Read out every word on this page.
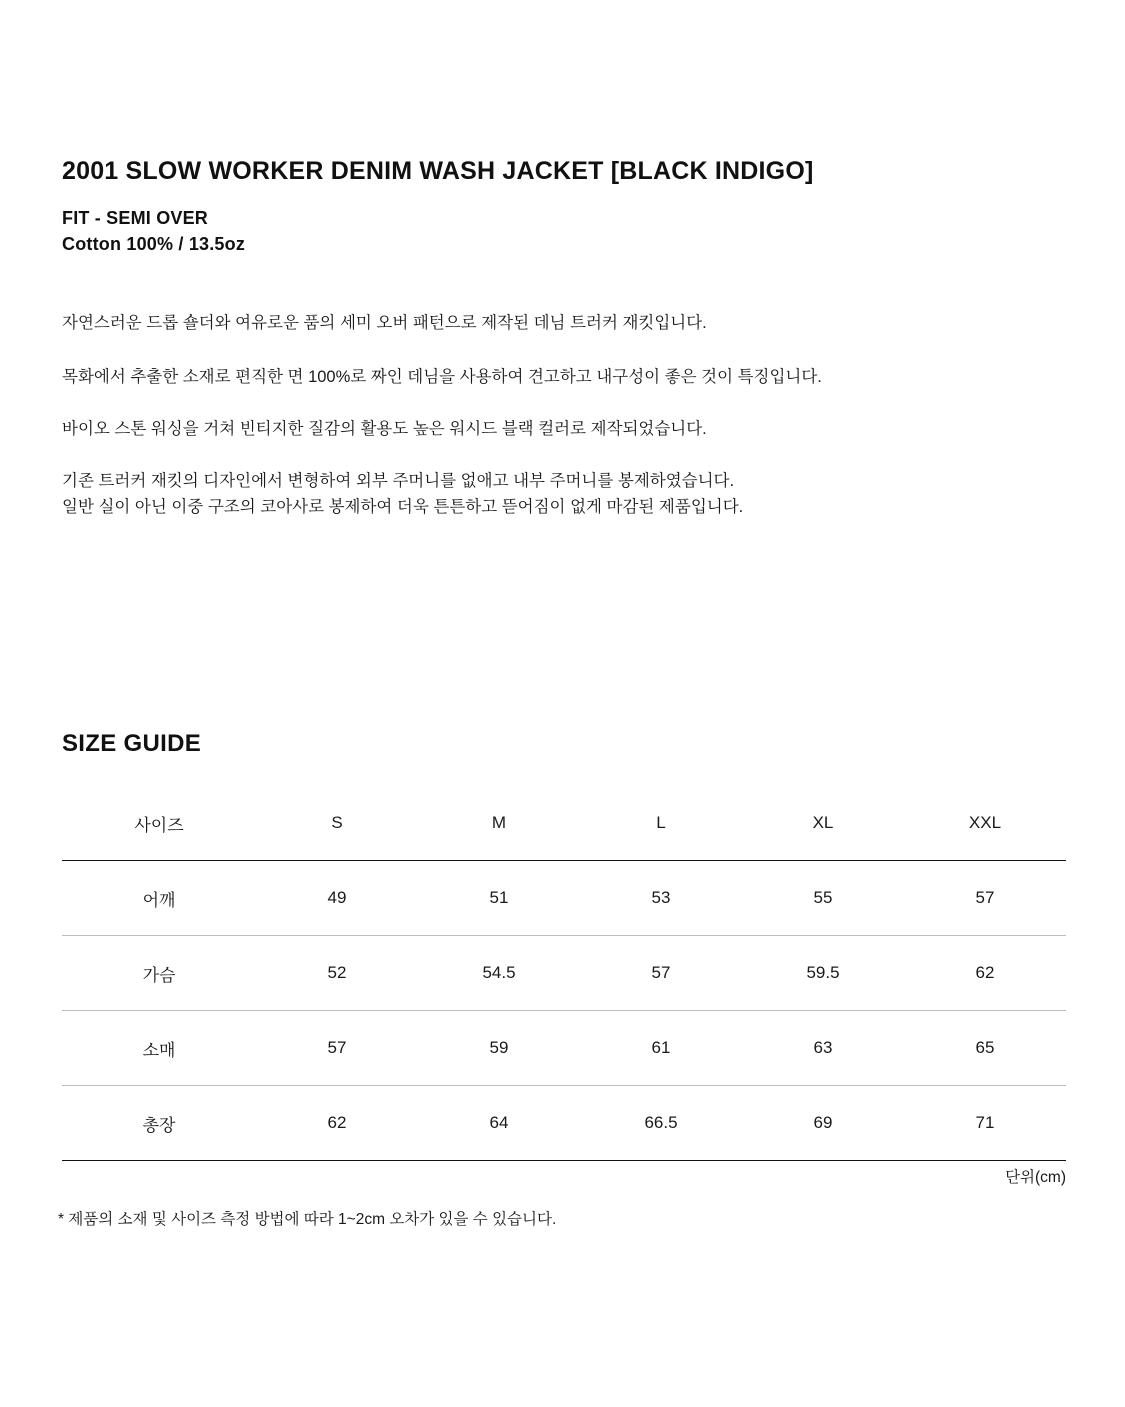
2001 SLOW WORKER DENIM WASH JACKET [BLACK INDIGO]
FIT - SEMI OVER
Cotton 100% / 13.5oz

자연스러운 드롭 숄더와 여유로운 품의 세미 오버 패턴으로 제작된 데님 트러커 재킷입니다.

목화에서 추출한 소재로 편직한 면 100%로 짜인 데님을 사용하여 견고하고 내구성이 좋은 것이 특징입니다.

바이오 스톤 워싱을 거쳐 빈티지한 질감의 활용도 높은 워시드 블랙 컬러로 제작되었습니다.

기존 트러커 재킷의 디자인에서 변형하여 외부 주머니를 없애고 내부 주머니를 봉제하였습니다.

일반 실이 아닌 이중 구조의 코아사로 봉제하여 더욱 튼튼하고 뜯어짐이 없게 마감된 제품입니다.

SIZE GUIDE
사이즈	S	M	L	XL	XXL
어깨	49	51	53	55	57
가슴	52	54.5	57	59.5	62
소매	57	59	61	63	65
총장	62	64	66.5	69	71
단위(cm)
* 제품의 소재 및 사이즈 측정 방법에 따라 1~2cm 오차가 있을 수 있습니다.
